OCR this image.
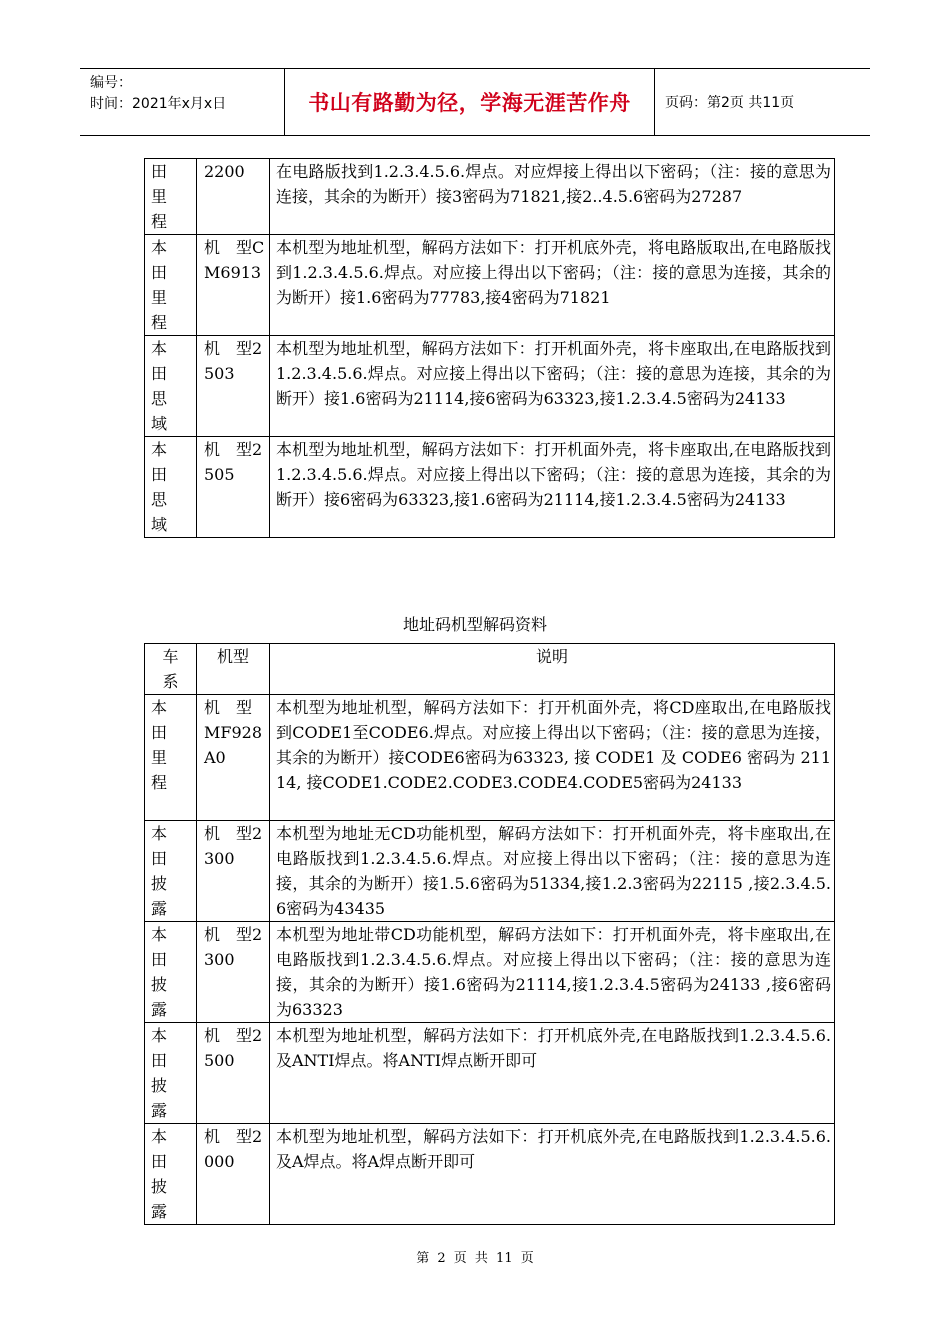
编号：
时间：2021年x月x日	书山有路勤为径，学海无涯苦作舟	页码：第2页 共11页
田里程	2200	在电路版找到1.2.3.4.5.6.焊点。对应焊接上得出以下密码；（注：接的意思为连接，其余的为断开）接3密码为71821,接2..4.5.6密码为27287

本田里程	机　型CM6913	本机型为地址机型，解码方法如下：打开机底外壳，将电路版取出,在电路版找到1.2.3.4.5.6.焊点。对应接上得出以下密码；（注：接的意思为连接，其余的为断开）接1.6密码为77783,接4密码为71821

本田思域	机　型2503	本机型为地址机型，解码方法如下：打开机面外壳，将卡座取出,在电路版找到1.2.3.4.5.6.焊点。对应接上得出以下密码；（注：接的意思为连接，其余的为断开）接1.6密码为21114,接6密码为63323,接1.2.3.4.5密码为24133

本田思域	机　型2505	本机型为地址机型，解码方法如下：打开机面外壳，将卡座取出,在电路版找到1.2.3.4.5.6.焊点。对应接上得出以下密码；（注：接的意思为连接，其余的为断开）接6密码为63323,接1.6密码为21114,接1.2.3.4.5密码为24133
地址码机型解码资料
车系	机型	说明

本田里程	机　型MF928A0	本机型为地址机型，解码方法如下：打开机面外壳，将CD座取出,在电路版找到CODE1至CODE6.焊点。对应接上得出以下密码；（注：接的意思为连接，其余的为断开）接CODE6密码为63323, 接 CODE1 及 CODE6 密码为 21114, 接CODE1.CODE2.CODE3.CODE4.CODE5密码为24133

本田披露	机　型2300	本机型为地址无CD功能机型，解码方法如下：打开机面外壳，将卡座取出,在电路版找到1.2.3.4.5.6.焊点。对应接上得出以下密码；（注：接的意思为连接，其余的为断开）接1.5.6密码为51334,接1.2.3密码为22115 ,接2.3.4.5.6密码为43435

本田披露	机　型2300	本机型为地址带CD功能机型，解码方法如下：打开机面外壳，将卡座取出,在电路版找到1.2.3.4.5.6.焊点。对应接上得出以下密码；（注：接的意思为连接，其余的为断开）接1.6密码为21114,接1.2.3.4.5密码为24133 ,接6密码为63323

本田披露	机　型2500	本机型为地址机型，解码方法如下：打开机底外壳,在电路版找到1.2.3.4.5.6.及ANTI焊点。将ANTI焊点断开即可

本田披露	机　型2000	本机型为地址机型，解码方法如下：打开机底外壳,在电路版找到1.2.3.4.5.6.及A焊点。将A焊点断开即可
第 2 页 共 11 页
